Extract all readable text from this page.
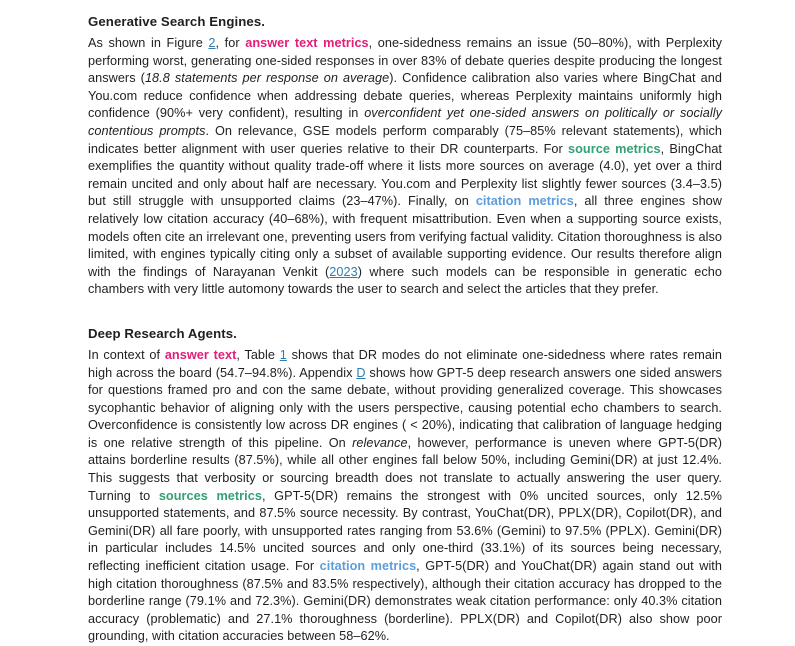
Generative Search Engines.
As shown in Figure 2, for answer text metrics, one-sidedness remains an issue (50–80%), with Perplexity performing worst, generating one-sided responses in over 83% of debate queries despite producing the longest answers (18.8 statements per response on average). Confidence calibration also varies where BingChat and You.com reduce confidence when addressing debate queries, whereas Perplexity maintains uniformly high confidence (90%+ very confident), resulting in overconfident yet one-sided answers on politically or socially contentious prompts. On relevance, GSE models perform comparably (75–85% relevant statements), which indicates better alignment with user queries relative to their DR counterparts. For source metrics, BingChat exemplifies the quantity without quality trade-off where it lists more sources on average (4.0), yet over a third remain uncited and only about half are necessary. You.com and Perplexity list slightly fewer sources (3.4–3.5) but still struggle with unsupported claims (23–47%). Finally, on citation metrics, all three engines show relatively low citation accuracy (40–68%), with frequent misattribution. Even when a supporting source exists, models often cite an irrelevant one, preventing users from verifying factual validity. Citation thoroughness is also limited, with engines typically citing only a subset of available supporting evidence. Our results therefore align with the findings of Narayanan Venkit (2023) where such models can be responsible in generatic echo chambers with very little automony towards the user to search and select the articles that they prefer.
Deep Research Agents.
In context of answer text, Table 1 shows that DR modes do not eliminate one-sidedness where rates remain high across the board (54.7–94.8%). Appendix D shows how GPT-5 deep research answers one sided answers for questions framed pro and con the same debate, without providing generalized coverage. This showcases sycophantic behavior of aligning only with the users perspective, causing potential echo chambers to search. Overconfidence is consistently low across DR engines ( < 20%), indicating that calibration of language hedging is one relative strength of this pipeline. On relevance, however, performance is uneven where GPT-5(DR) attains borderline results (87.5%), while all other engines fall below 50%, including Gemini(DR) at just 12.4%. This suggests that verbosity or sourcing breadth does not translate to actually answering the user query. Turning to sources metrics, GPT-5(DR) remains the strongest with 0% uncited sources, only 12.5% unsupported statements, and 87.5% source necessity. By contrast, YouChat(DR), PPLX(DR), Copilot(DR), and Gemini(DR) all fare poorly, with unsupported rates ranging from 53.6% (Gemini) to 97.5% (PPLX). Gemini(DR) in particular includes 14.5% uncited sources and only one-third (33.1%) of its sources being necessary, reflecting inefficient citation usage. For citation metrics, GPT-5(DR) and YouChat(DR) again stand out with high citation thoroughness (87.5% and 83.5% respectively), although their citation accuracy has dropped to the borderline range (79.1% and 72.3%). Gemini(DR) demonstrates weak citation performance: only 40.3% citation accuracy (problematic) and 27.1% thoroughness (borderline). PPLX(DR) and Copilot(DR) also show poor grounding, with citation accuracies between 58–62%.
